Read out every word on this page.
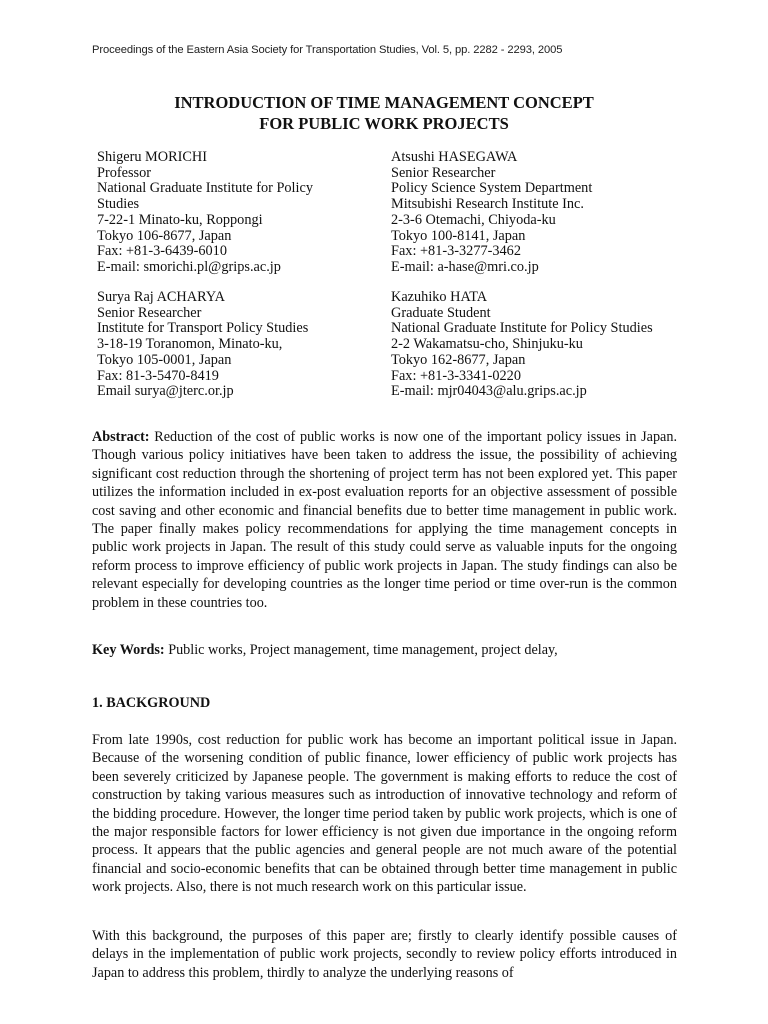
Proceedings of the Eastern Asia Society for Transportation Studies, Vol. 5, pp. 2282 - 2293, 2005
INTRODUCTION OF TIME MANAGEMENT CONCEPT
FOR PUBLIC WORK PROJECTS
Shigeru MORICHI
Professor
National Graduate Institute for Policy
Studies
7-22-1 Minato-ku, Roppongi
Tokyo 106-8677, Japan
Fax: +81-3-6439-6010
E-mail: smorichi.pl@grips.ac.jp
Atsushi HASEGAWA
Senior Researcher
Policy Science System Department
Mitsubishi Research Institute Inc.
2-3-6 Otemachi, Chiyoda-ku
Tokyo 100-8141, Japan
Fax: +81-3-3277-3462
E-mail: a-hase@mri.co.jp
Surya Raj ACHARYA
Senior Researcher
Institute for Transport Policy Studies
3-18-19 Toranomon, Minato-ku,
Tokyo 105-0001, Japan
Fax: 81-3-5470-8419
Email surya@jterc.or.jp
Kazuhiko HATA
Graduate Student
National Graduate Institute for Policy Studies
2-2 Wakamatsu-cho, Shinjuku-ku
Tokyo 162-8677, Japan
Fax: +81-3-3341-0220
E-mail: mjr04043@alu.grips.ac.jp

Abstract: Reduction of the cost of public works is now one of the important policy issues in Japan. Though various policy initiatives have been taken to address the issue, the possibility of achieving significant cost reduction through the shortening of project term has not been explored yet. This paper utilizes the information included in ex-post evaluation reports for an objective assessment of possible cost saving and other economic and financial benefits due to better time management in public work. The paper finally makes policy recommendations for applying the time management concepts in public work projects in Japan. The result of this study could serve as valuable inputs for the ongoing reform process to improve efficiency of public work projects in Japan. The study findings can also be relevant especially for developing countries as the longer time period or time over-run is the common problem in these countries too.

Key Words: Public works, Project management, time management, project delay,

1. BACKGROUND

From late 1990s, cost reduction for public work has become an important political issue in Japan. Because of the worsening condition of public finance, lower efficiency of public work projects has been severely criticized by Japanese people. The government is making efforts to reduce the cost of construction by taking various measures such as introduction of innovative technology and reform of the bidding procedure. However, the longer time period taken by public work projects, which is one of the major responsible factors for lower efficiency is not given due importance in the ongoing reform process. It appears that the public agencies and general people are not much aware of the potential financial and socio-economic benefits that can be obtained through better time management in public work projects. Also, there is not much research work on this particular issue.

With this background, the purposes of this paper are; firstly to clearly identify possible causes of delays in the implementation of public work projects, secondly to review policy efforts introduced in Japan to address this problem, thirdly to analyze the underlying reasons of
